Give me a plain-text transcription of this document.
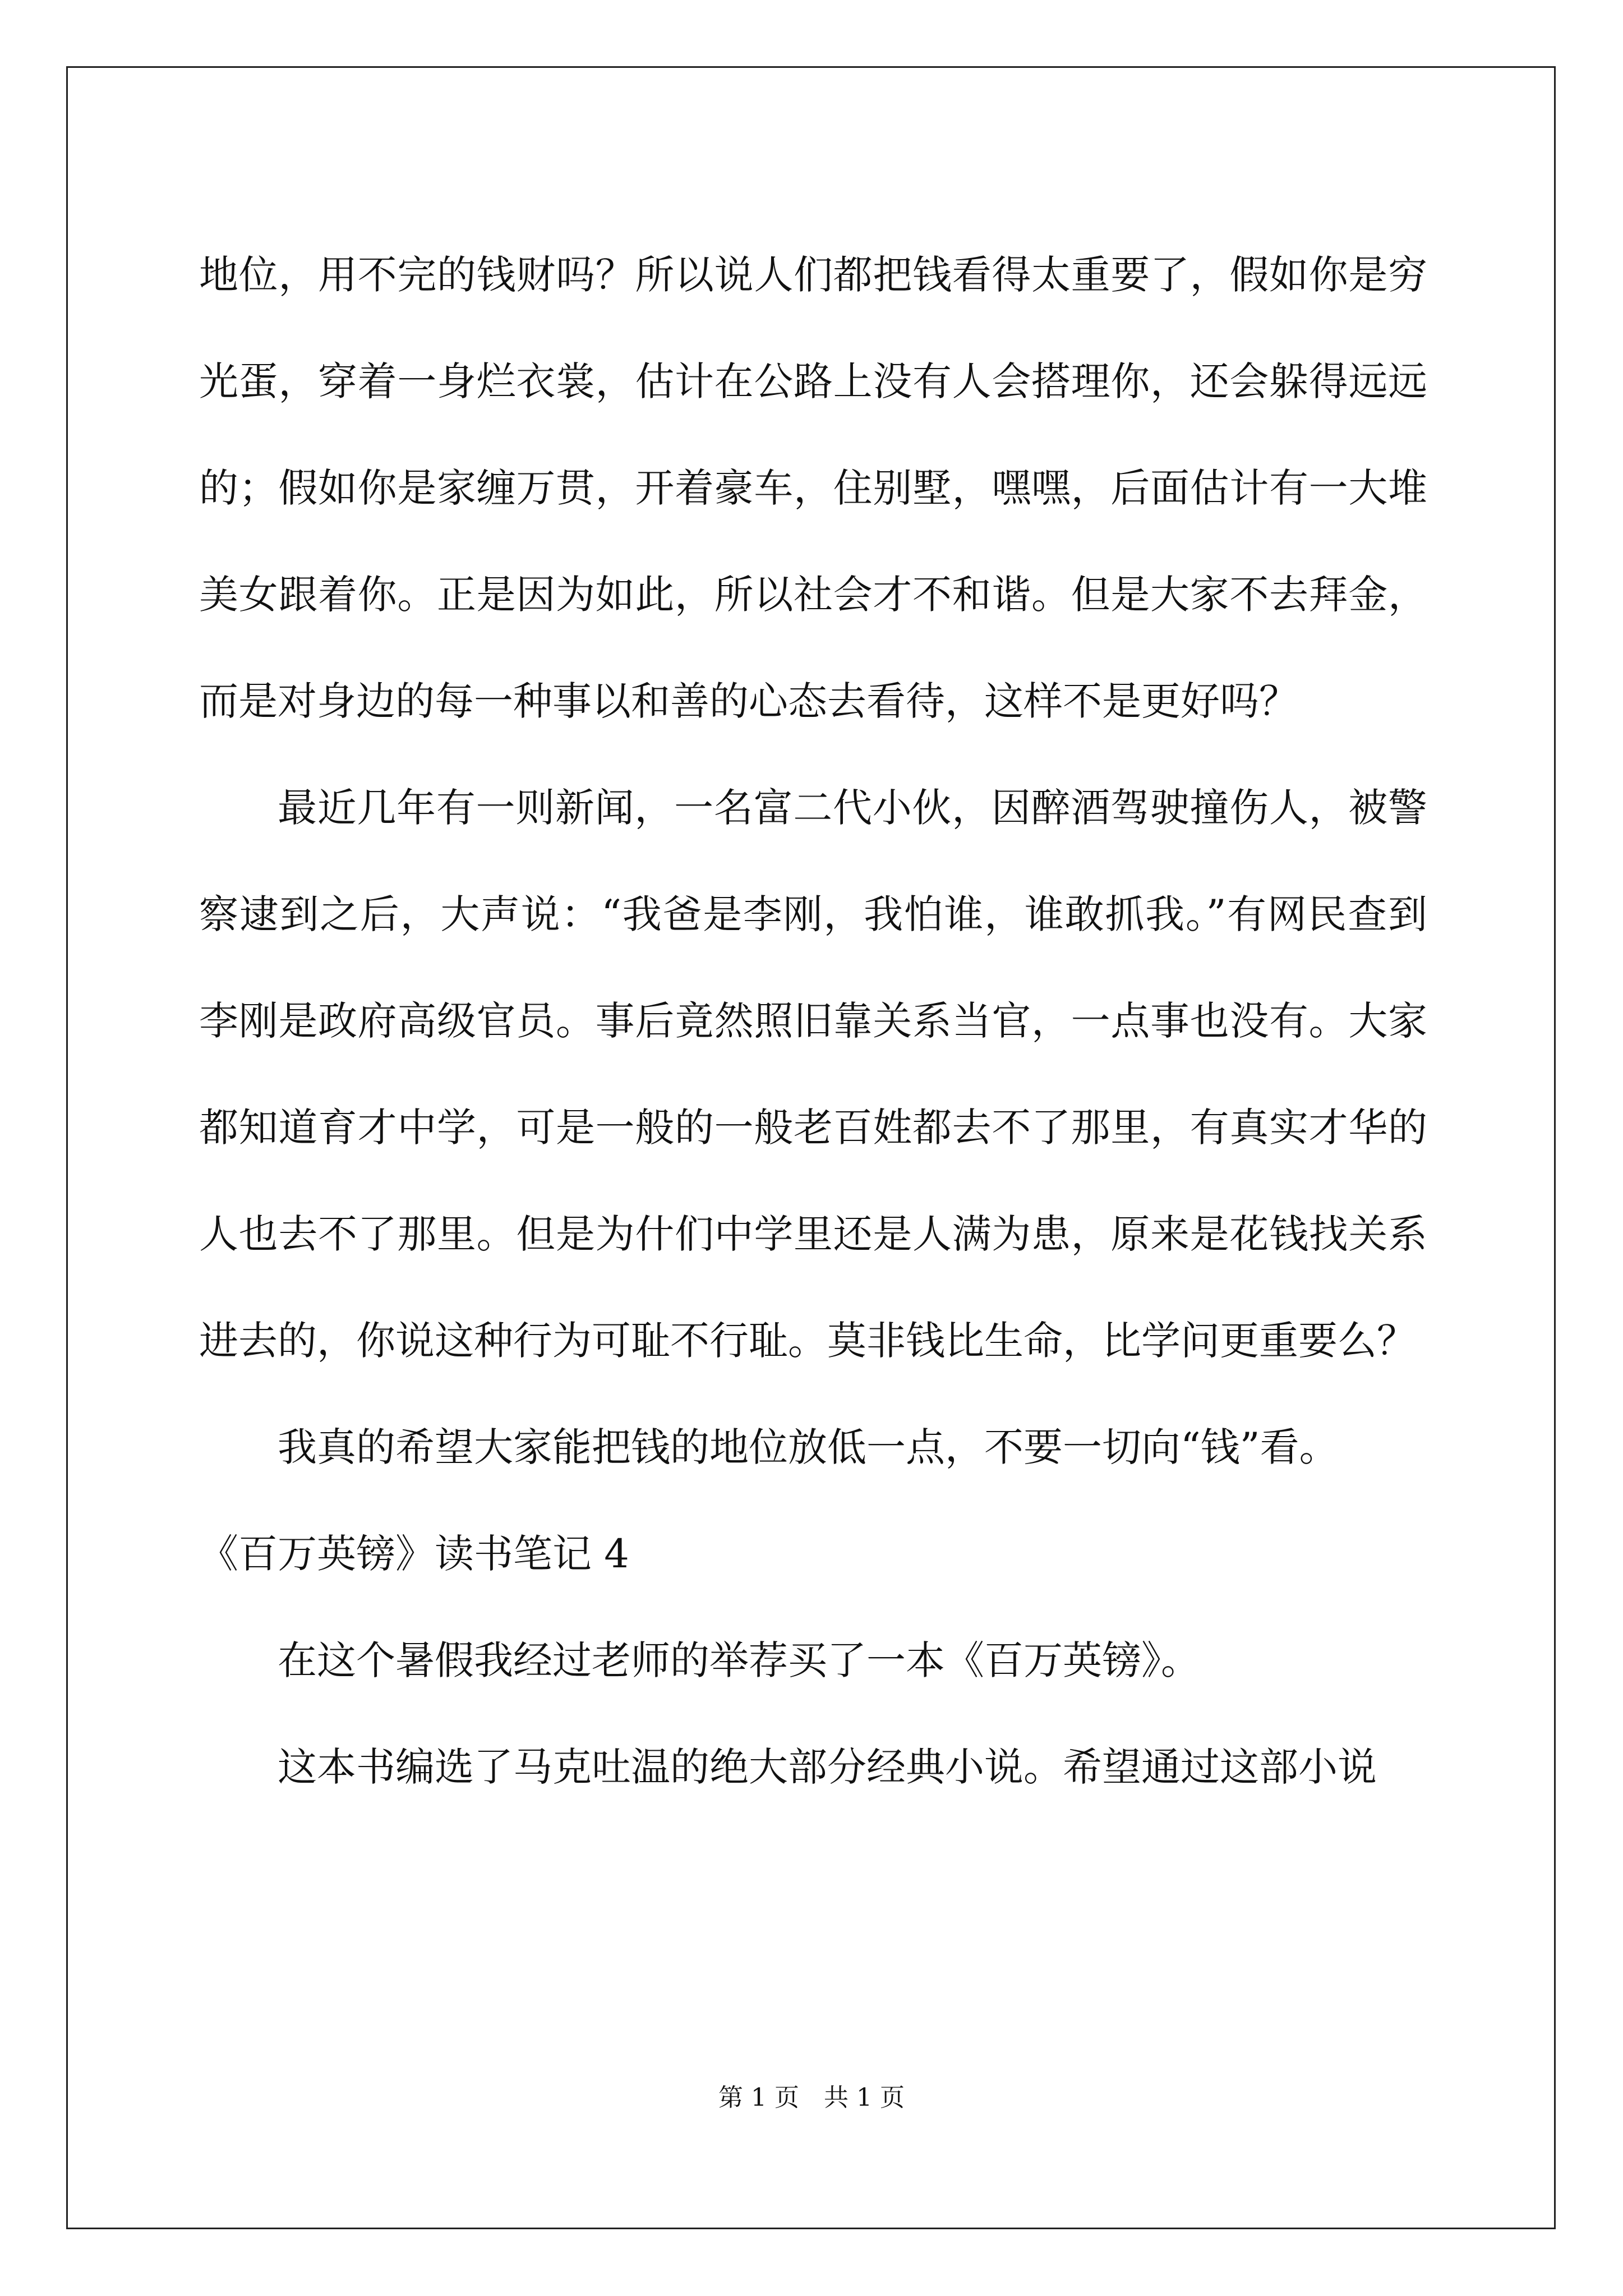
地位，用不完的钱财吗？所以说人们都把钱看得太重要了，假如你是穷光蛋，穿着一身烂衣裳，估计在公路上没有人会搭理你，还会躲得远远的；假如你是家缠万贯，开着豪车，住别墅，嘿嘿，后面估计有一大堆美女跟着你。正是因为如此，所以社会才不和谐。但是大家不去拜金，而是对身边的每一种事以和善的心态去看待，这样不是更好吗？

最近几年有一则新闻，一名富二代小伙，因醉酒驾驶撞伤人，被警察逮到之后，大声说：“我爸是李刚，我怕谁，谁敢抓我。”有网民查到李刚是政府高级官员。事后竟然照旧靠关系当官，一点事也没有。大家都知道育才中学，可是一般的一般老百姓都去不了那里，有真实才华的人也去不了那里。但是为什们中学里还是人满为患，原来是花钱找关系进去的，你说这种行为可耻不行耻。莫非钱比生命，比学问更重要么？

我真的希望大家能把钱的地位放低一点，不要一切向“钱”看。

《百万英镑》读书笔记 4

在这个暑假我经过老师的举荐买了一本《百万英镑》。

这本书编选了马克吐温的绝大部分经典小说。希望通过这部小说

第 1 页　共 1 页
